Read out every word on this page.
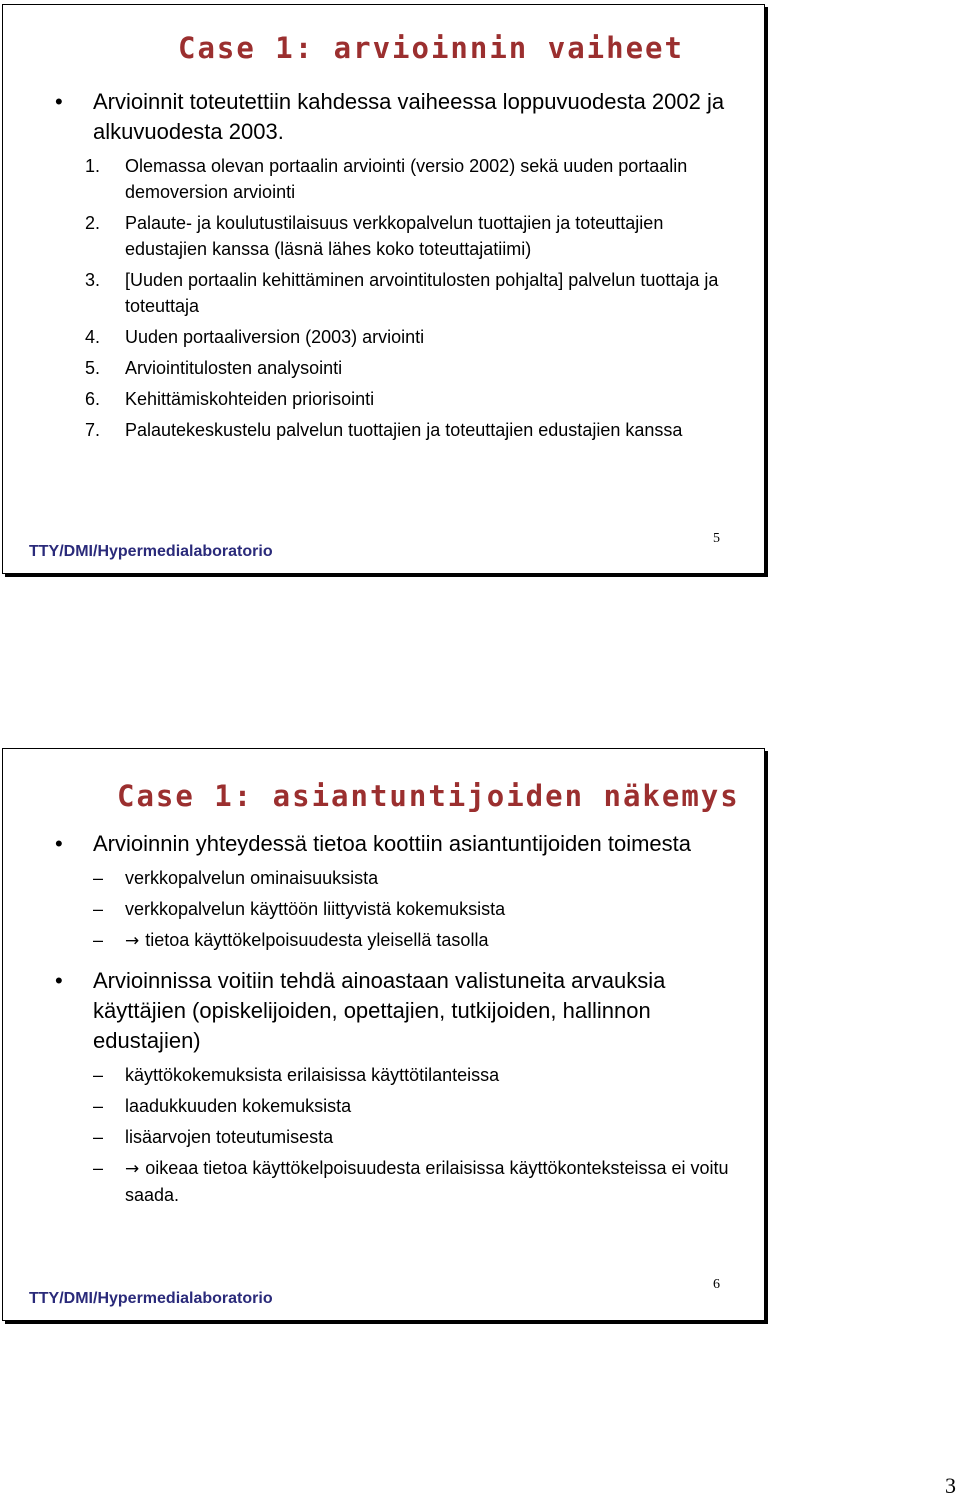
Case 1: arvioinnin vaiheet
• Arvioinnit toteutettiin kahdessa vaiheessa loppuvuodesta 2002 ja alkuvuodesta 2003.
1. Olemassa olevan portaalin arviointi (versio 2002) sekä uuden portaalin demoversion arviointi
2. Palaute- ja koulutustilaisuus verkkopalvelun tuottajien ja toteuttajien edustajien kanssa (läsnä lähes koko toteuttajatiimi)
3. [Uuden portaalin kehittäminen arvointitulosten pohjalta] palvelun tuottaja ja toteuttaja
4. Uuden portaaliversion (2003) arviointi
5. Arviointitulosten analysointi
6. Kehittämiskohteiden priorisointi
7. Palautekeskustelu palvelun tuottajien ja toteuttajien edustajien kanssa
5
TTY/DMI/Hypermedialaboratorio
Case 1: asiantuntijoiden näkemys
• Arvioinnin yhteydessä tietoa koottiin asiantuntijoiden toimesta
– verkkopalvelun ominaisuuksista
– verkkopalvelun käyttöön liittyvistä kokemuksista
– → tietoa käyttökelpoisuudesta yleisellä tasolla
• Arvioinnissa voitiin tehdä ainoastaan valistuneita arvauksia käyttäjien (opiskelijoiden, opettajien, tutkijoiden, hallinnon edustajien)
– käyttökokemuksista erilaisissa käyttötilanteissa
– laadukkuuden kokemuksista
– lisäarvojen toteutumisesta
– → oikeaa tietoa käyttökelpoisuudesta erilaisissa käyttökonteksteissa ei voitu saada.
6
TTY/DMI/Hypermedialaboratorio
3
